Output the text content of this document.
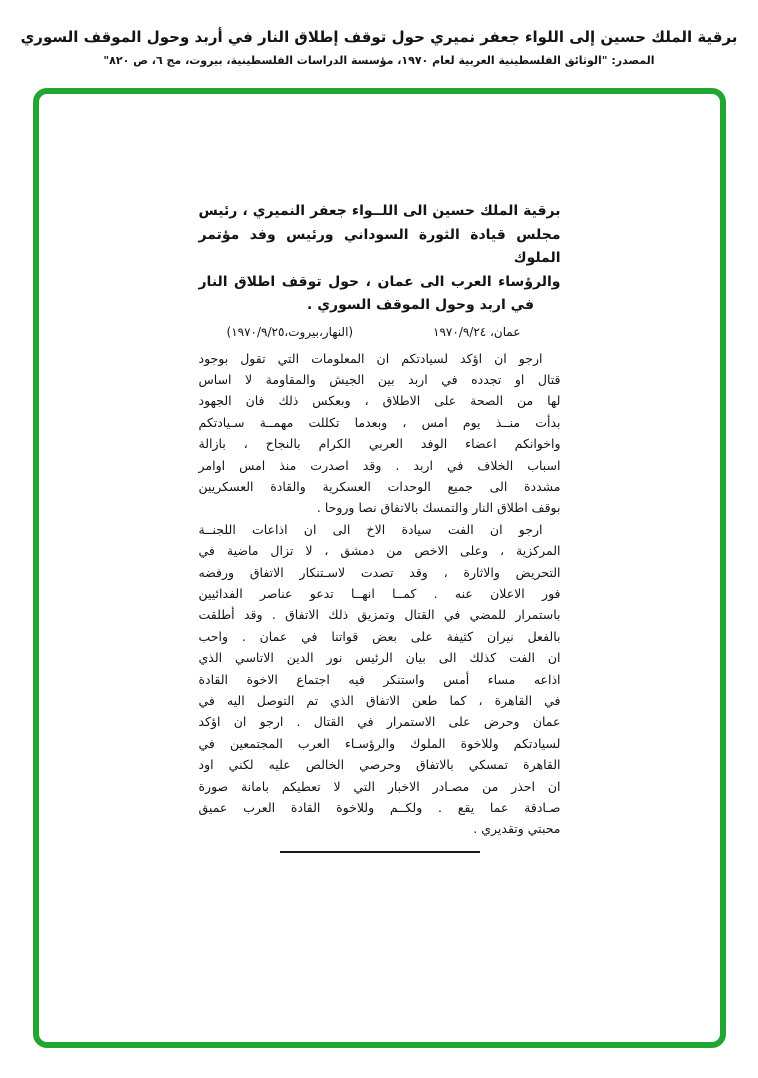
برقية الملك حسين إلى اللواء جعفر نميري حول توقف إطلاق النار في أربد وحول الموقف السوري
المصدر: "الوثائق الفلسطينية العربية لعام ١٩٧٠، مؤسسة الدراسات الفلسطينية، بيروت، مج ٦، ص ٨٢٠"
برقية الملك حسين الى اللــواء جعفر النميري ، رئيس
مجلس قيادة الثورة السوداني ورئيس وفد مؤتمر الملوك
والرؤساء العرب الى عمان ، حول توقف اطلاق النار
في اربد وحول الموقف السوري .
عمان، ١٩٧٠/٩/٢٤
(النهار،بيروت،١٩٧٠/٩/٢٥)
ارجو ان اؤكد لسيادتكم ان المعلومات التي تقول بوجود
قتال او تجدده في اربد بين الجيش والمقاومة لا اساس
لها من الصحة على الاطلاق ، وبعكس ذلك فان الجهود
بدأت منــذ يوم امس ، وبعدما تكللت مهمــة سـيادتكم
واخوانكم اعضاء الوفد العربي الكرام بالنجاح ، بازالة
اسباب الخلاف في اربد . وقد اصدرت منذ امس اوامر
مشددة الى جميع الوحدات العسكرية والقادة العسكريين
بوقف اطلاق النار والتمسك بالاتفاق نصا وروحا .
ارجو ان الفت سيادة الاخ الى ان اذاعات اللجنــة
المركزية ، وعلى الاخص من دمشق ، لا تزال ماضية في
التحريض والاثارة ، وقد تصدت لاسـتنكار الاتفاق ورفضه
فور الاعلان عنه . كمــا انهــا تدعو عناصر الفدائيين
باستمرار للمضي في القتال وتمزيق ذلك الاتفاق . وقد أطلقت
بالفعل نيران كثيفة على بعض قواتنا في عمان . واحب
ان الفت كذلك الى بيان الرئيس نور الدين الاتاسي الذي
اذاعه مساء أمس واستنكر فيه اجتماع الاخوة القادة
في القاهرة ، كما طعن الاتفاق الذي تم التوصل اليه في
عمان وحرض على الاستمرار في القتال . ارجو ان اؤكد
لسيادتكم وللاخوة الملوك والرؤسـاء العرب المجتمعين في
القاهرة تمسكي بالاتفاق وحرصي الخالص عليه لكني اود
ان احذر من مصـادر الاخبار التي لا تعطيكم بامانة صورة
صـادقة عما يقع . ولكــم وللاخوة القادة العرب عميق
محبتي وتقديري .
